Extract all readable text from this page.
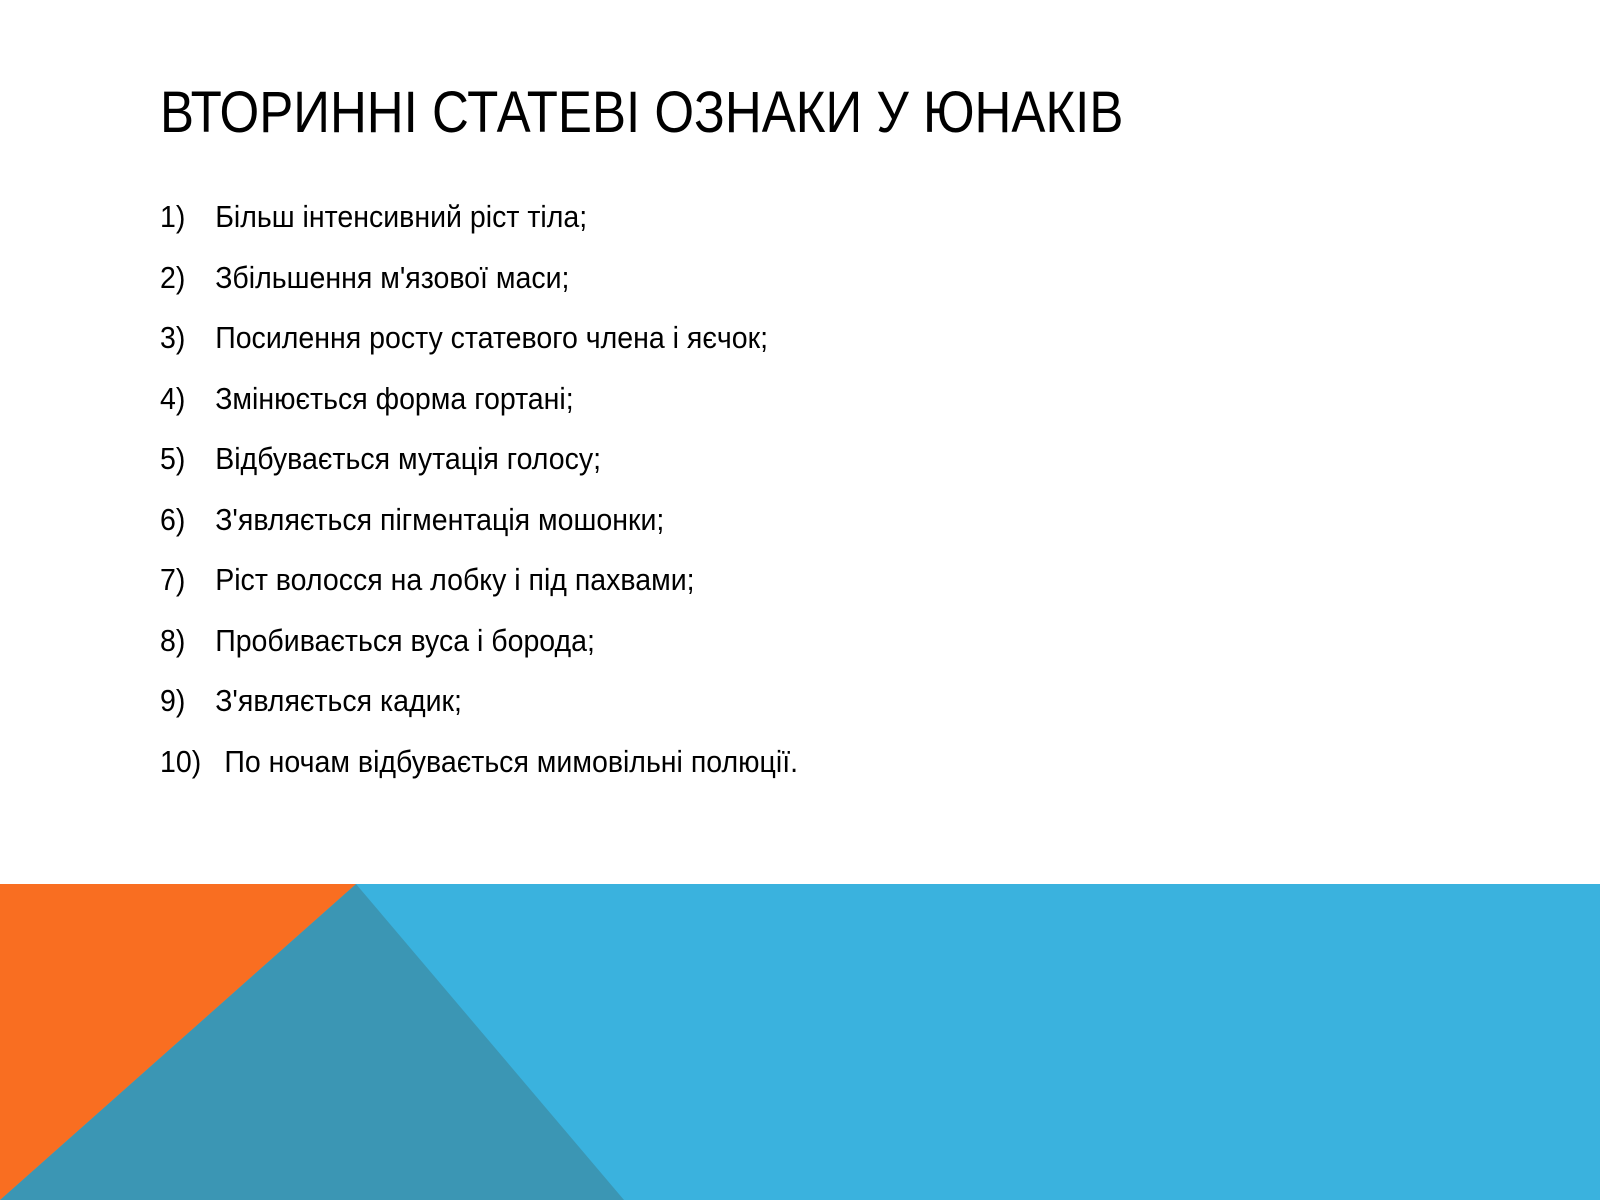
ВТОРИННІ СТАТЕВІ ОЗНАКИ У ЮНАКІВ
1) Більш інтенсивний ріст тіла;
2) Збільшення м'язової маси;
3) Посилення росту статевого члена і яєчок;
4) Змінюється форма гортані;
5) Відбувається мутація голосу;
6) З'являється пігментація мошонки;
7) Ріст волосся на лобку і під пахвами;
8) Пробивається вуса і борода;
9) З'являється кадик;
10) По ночам відбувається мимовільні полюції.
